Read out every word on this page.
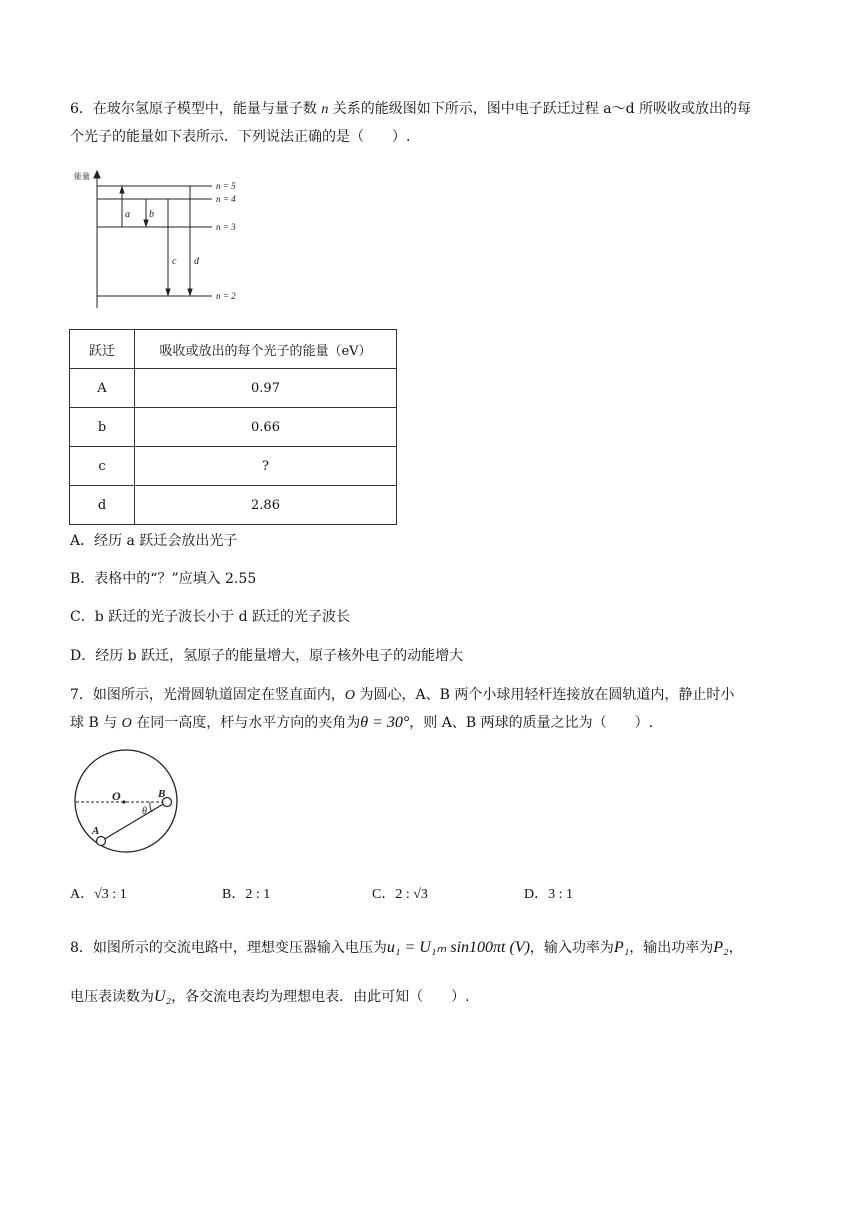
6．在玻尔氢原子模型中，能量与量子数 n 关系的能级图如下所示，图中电子跃迁过程 a～d 所吸收或放出的每
个光子的能量如下表所示．下列说法正确的是（　　）.
能量
n = 5
n = 4
n = 3
n = 2
a b
c d
跃迁	吸收或放出的每个光子的能量（eV）
A	0.97
b	0.66
c	?
d	2.86
A．经历 a 跃迁会放出光子
B．表格中的“？”应填入 2.55
C．b 跃迁的光子波长小于 d 跃迁的光子波长
D．经历 b 跃迁，氢原子的能量增大，原子核外电子的动能增大
7．如图所示，光滑圆轨道固定在竖直面内，O 为圆心，A、B 两个小球用轻杆连接放在圆轨道内，静止时小
球 B 与 O 在同一高度，杆与水平方向的夹角为θ = 30°，则 A、B 两球的质量之比为（　　）.
O
A
B
θ
A．√3 : 1	B．2 : 1	C．2 : √3	D．3 : 1
8．如图所示的交流电路中，理想变压器输入电压为u₁ = U₁ₘ sin100πt (V)，输入功率为P₁，输出功率为P₂，
电压表读数为U₂，各交流电表均为理想电表．由此可知（　　）.
